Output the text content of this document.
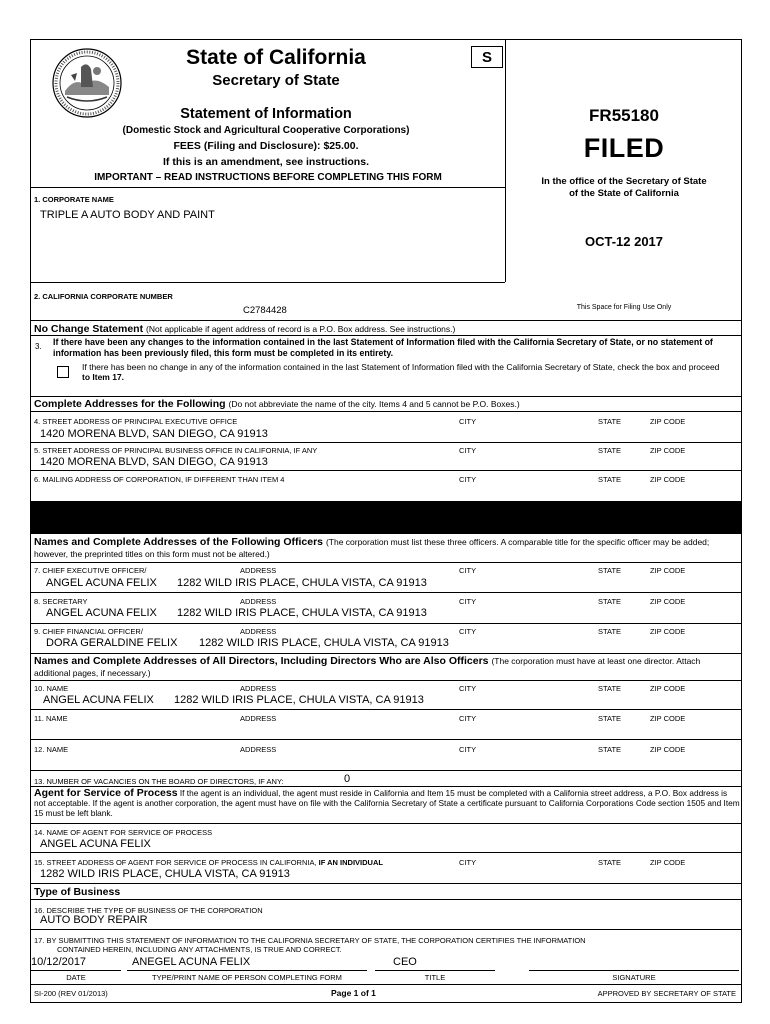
State of California
Secretary of State
S
Statement of Information
(Domestic Stock and Agricultural Cooperative Corporations)
FEES (Filing and Disclosure): $25.00.
If this is an amendment, see instructions.
IMPORTANT – READ INSTRUCTIONS BEFORE COMPLETING THIS FORM
FR55180
FILED
In the office of the Secretary of State
of the State of California
OCT-12 2017
This Space for Filing Use Only
1. CORPORATE NAME
TRIPLE A AUTO BODY AND PAINT
2. CALIFORNIA CORPORATE NUMBER
C2784428
No Change Statement (Not applicable if agent address of record is a P.O. Box address. See instructions.)
3. If there have been any changes to the information contained in the last Statement of Information filed with the California Secretary of State, or no statement of information has been previously filed, this form must be completed in its entirety.
If there has been no change in any of the information contained in the last Statement of Information filed with the California Secretary of State, check the box and proceed to Item 17.
Complete Addresses for the Following (Do not abbreviate the name of the city. Items 4 and 5 cannot be P.O. Boxes.)
4. STREET ADDRESS OF PRINCIPAL EXECUTIVE OFFICE	CITY	STATE	ZIP CODE
1420 MORENA BLVD, SAN DIEGO, CA 91913
5. STREET ADDRESS OF PRINCIPAL BUSINESS OFFICE IN CALIFORNIA, IF ANY	CITY	STATE	ZIP CODE
1420 MORENA BLVD, SAN DIEGO, CA 91913
6. MAILING ADDRESS OF CORPORATION, IF DIFFERENT THAN ITEM 4	CITY	STATE	ZIP CODE
Names and Complete Addresses of the Following Officers (The corporation must list these three officers. A comparable title for the specific officer may be added; however, the preprinted titles on this form must not be altered.)
7. CHIEF EXECUTIVE OFFICER/	ADDRESS	CITY	STATE	ZIP CODE
ANGEL ACUNA FELIX 1282 WILD IRIS PLACE, CHULA VISTA, CA 91913
8. SECRETARY	ADDRESS	CITY	STATE	ZIP CODE
ANGEL ACUNA FELIX 1282 WILD IRIS PLACE, CHULA VISTA, CA 91913
9. CHIEF FINANCIAL OFFICER/	ADDRESS	CITY	STATE	ZIP CODE
DORA GERALDINE FELIX 1282 WILD IRIS PLACE, CHULA VISTA, CA 91913
Names and Complete Addresses of All Directors, Including Directors Who are Also Officers (The corporation must have at least one director. Attach additional pages, if necessary.)
10. NAME	ADDRESS	CITY	STATE	ZIP CODE
ANGEL ACUNA FELIX 1282 WILD IRIS PLACE, CHULA VISTA, CA 91913
11. NAME	ADDRESS	CITY	STATE	ZIP CODE
12. NAME	ADDRESS	CITY	STATE	ZIP CODE
13. NUMBER OF VACANCIES ON THE BOARD OF DIRECTORS, IF ANY:	0
Agent for Service of Process If the agent is an individual, the agent must reside in California and Item 15 must be completed with a California street address, a P.O. Box address is not acceptable. If the agent is another corporation, the agent must have on file with the California Secretary of State a certificate pursuant to California Corporations Code section 1505 and Item 15 must be left blank.
14. NAME OF AGENT FOR SERVICE OF PROCESS
ANGEL ACUNA FELIX
15. STREET ADDRESS OF AGENT FOR SERVICE OF PROCESS IN CALIFORNIA, IF AN INDIVIDUAL	CITY	STATE	ZIP CODE
1282 WILD IRIS PLACE, CHULA VISTA, CA 91913
Type of Business
16. DESCRIBE THE TYPE OF BUSINESS OF THE CORPORATION
AUTO BODY REPAIR
17. BY SUBMITTING THIS STATEMENT OF INFORMATION TO THE CALIFORNIA SECRETARY OF STATE, THE CORPORATION CERTIFIES THE INFORMATION
CONTAINED HEREIN, INCLUDING ANY ATTACHMENTS, IS TRUE AND CORRECT.
10/12/2017	ANEGEL ACUNA FELIX	CEO
DATE	TYPE/PRINT NAME OF PERSON COMPLETING FORM	TITLE	SIGNATURE
SI-200 (REV 01/2013)	Page 1 of 1	APPROVED BY SECRETARY OF STATE
